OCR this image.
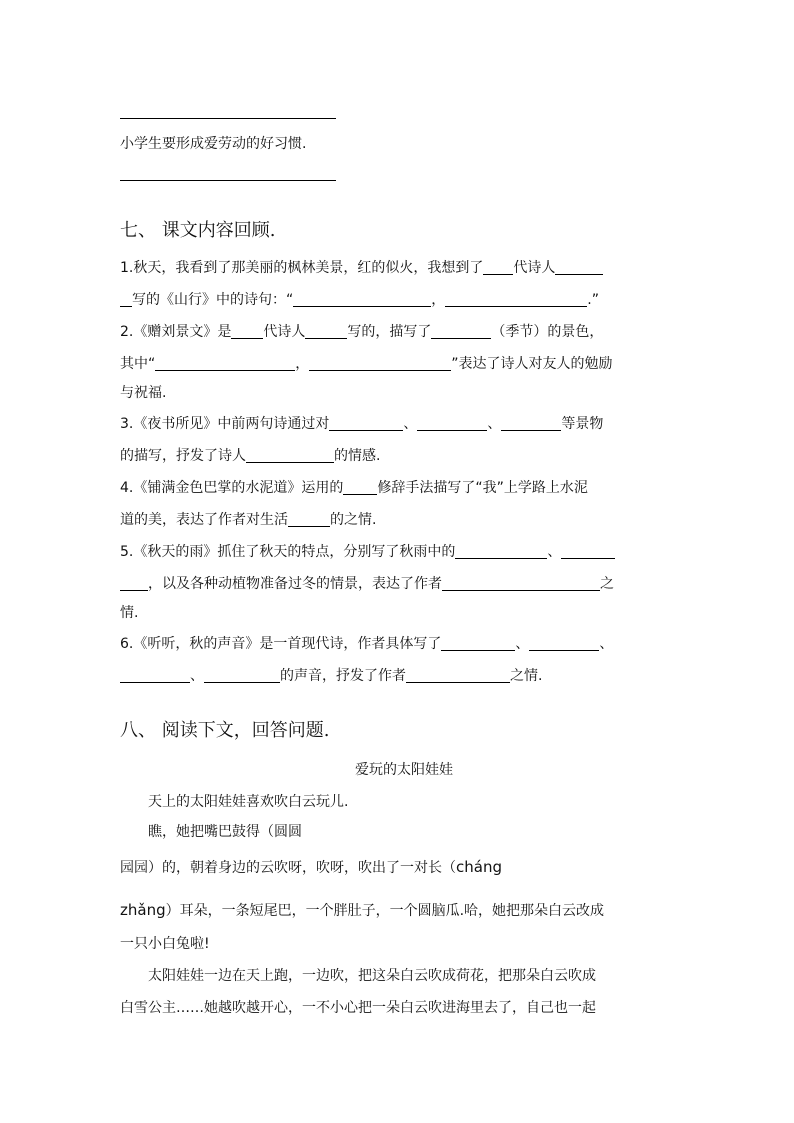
小学生要形成爱劳动的好习惯.
七、 课文内容回顾.
1.秋天，我看到了那美丽的枫林美景，红的似火，我想到了 代诗人
写的《山行》中的诗句：“	，	.”
2.《赠刘景文》是 代诗人	写的，描写了	（季节）的景色，
其中“	，	”表达了诗人对友人的勉励
与祝福.
3.《夜书所见》中前两句诗通过对	、	、	等景物
的描写，抒发了诗人	的情感.
4.《铺满金色巴掌的水泥道》运用的 修辞手法描写了“我”上学路上水泥
道的美，表达了作者对生活	的之情.
5.《秋天的雨》抓住了秋天的特点，分别写了秋雨中的	、
，以及各种动植物准备过冬的情景，表达了作者	之
情.
6.《听听，秋的声音》是一首现代诗，作者具体写了	、	、
、	的声音，抒发了作者	之情.
八、 阅读下文，回答问题.
爱玩的太阳娃娃
天上的太阳娃娃喜欢吹白云玩儿.
瞧，她把嘴巴鼓得（圆圆
园园）的，朝着身边的云吹呀，吹呀，吹出了一对长（cháng
zhǎng）耳朵，一条短尾巴，一个胖肚子，一个圆脑瓜.哈，她把那朵白云改成
一只小白兔啦!
太阳娃娃一边在天上跑，一边吹，把这朵白云吹成荷花，把那朵白云吹成
白雪公主……她越吹越开心，一不小心把一朵白云吹进海里去了，自己也一起
